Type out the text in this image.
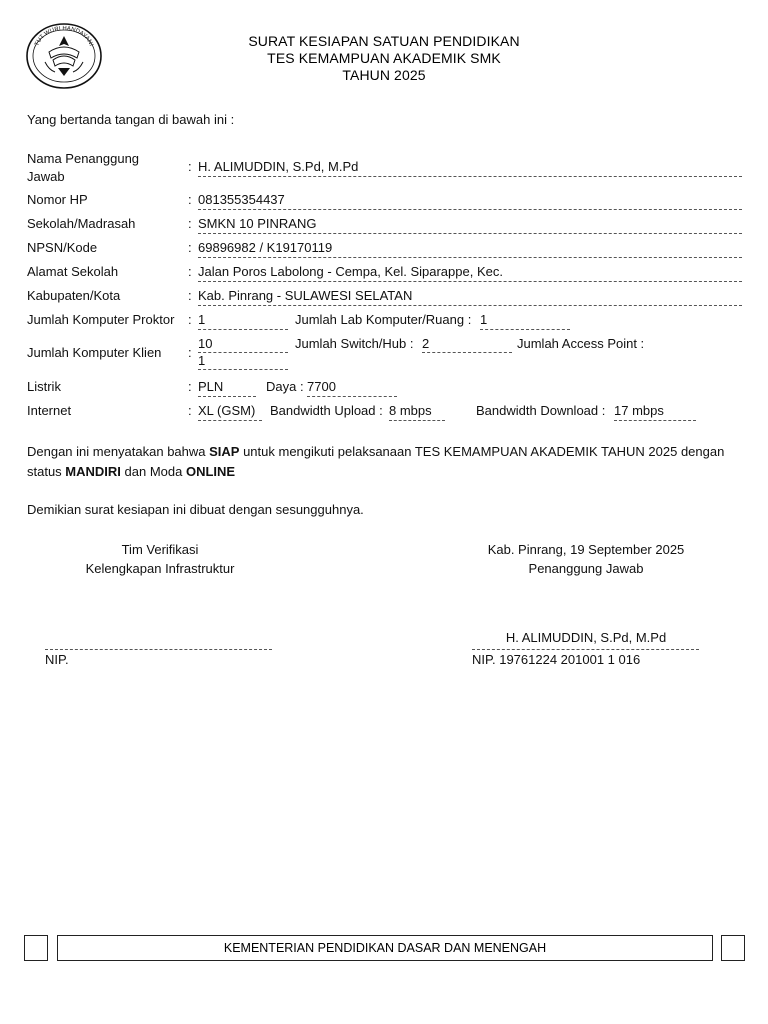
TUT WURI HANDAYANI	SURAT KESIAPAN SATUAN PENDIDIKAN
TES KEMAMPUAN AKADEMIK SMK
TAHUN 2025
Yang bertanda tangan di bawah ini :
Nama Penanggung
Jawab
: H. ALIMUDDIN, S.Pd, M.Pd
Nomor HP	: 081355354437
Sekolah/Madrasah	: SMKN 10 PINRANG
NPSN/Kode	: 69896982 / K19170119
Alamat Sekolah	: Jalan Poros Labolong - Cempa, Kel. Siparappe, Kec.
Kabupaten/Kota	: Kab. Pinrang - SULAWESI SELATAN
Jumlah Komputer Proktor : 1	Jumlah Lab Komputer/Ruang : 1
Jumlah Komputer Klien :
10	Jumlah Switch/Hub : 2	Jumlah Access Point :
1
Listrik	: PLN	Daya : 7700
Internet	: XL (GSM)	Bandwidth Upload : 8 mbps	Bandwidth Download : 17 mbps
Dengan ini menyatakan bahwa SIAP untuk mengikuti pelaksanaan TES KEMAMPUAN AKADEMIK TAHUN 2025 dengan status MANDIRI dan Moda ONLINE
Demikian surat kesiapan ini dibuat dengan sesungguhnya.
Tim Verifikasi
Kelengkapan Infrastruktur
NIP.
Kab. Pinrang, 19 September 2025
Penanggung Jawab
H. ALIMUDDIN, S.Pd, M.Pd
NIP. 19761224 201001 1 016
KEMENTERIAN PENDIDIKAN DASAR DAN MENENGAH
